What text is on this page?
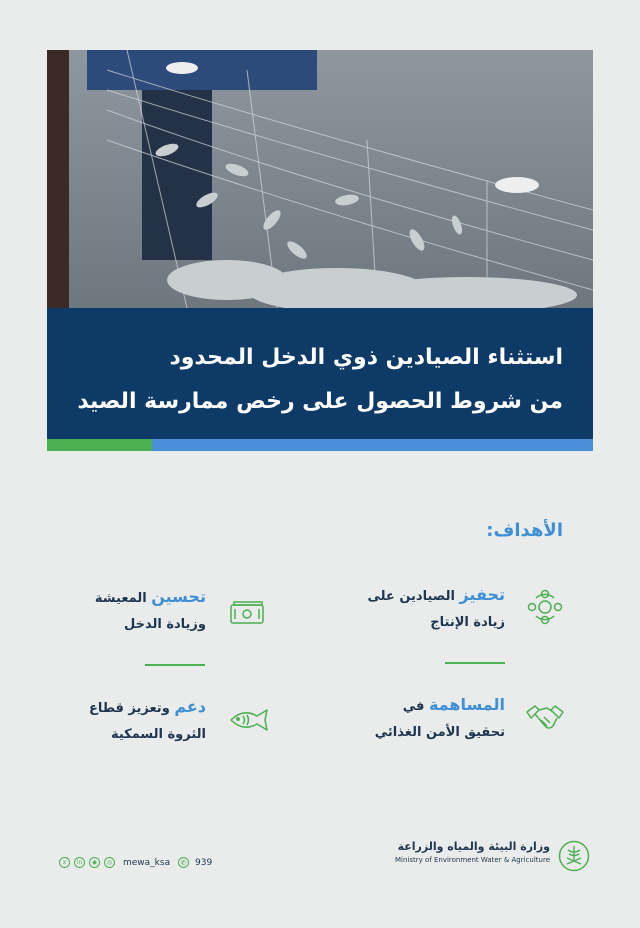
استثناء الصيادين ذوي الدخل المحدود
من شروط الحصول على رخص ممارسة الصيد
الأهداف:
تحفيز الصيادين على
زيادة الإنتاج
تحسين المعيشة
وزيادة الدخل
المساهمة في
تحقيق الأمن الغذائي
دعم وتعزيز قطاع
الثروة السمكية
وزارة البيئة والمياه والزراعة
Ministry of Environment Water & Agriculture
x	in	◆	◎	mewa_ksa	✆ 939
